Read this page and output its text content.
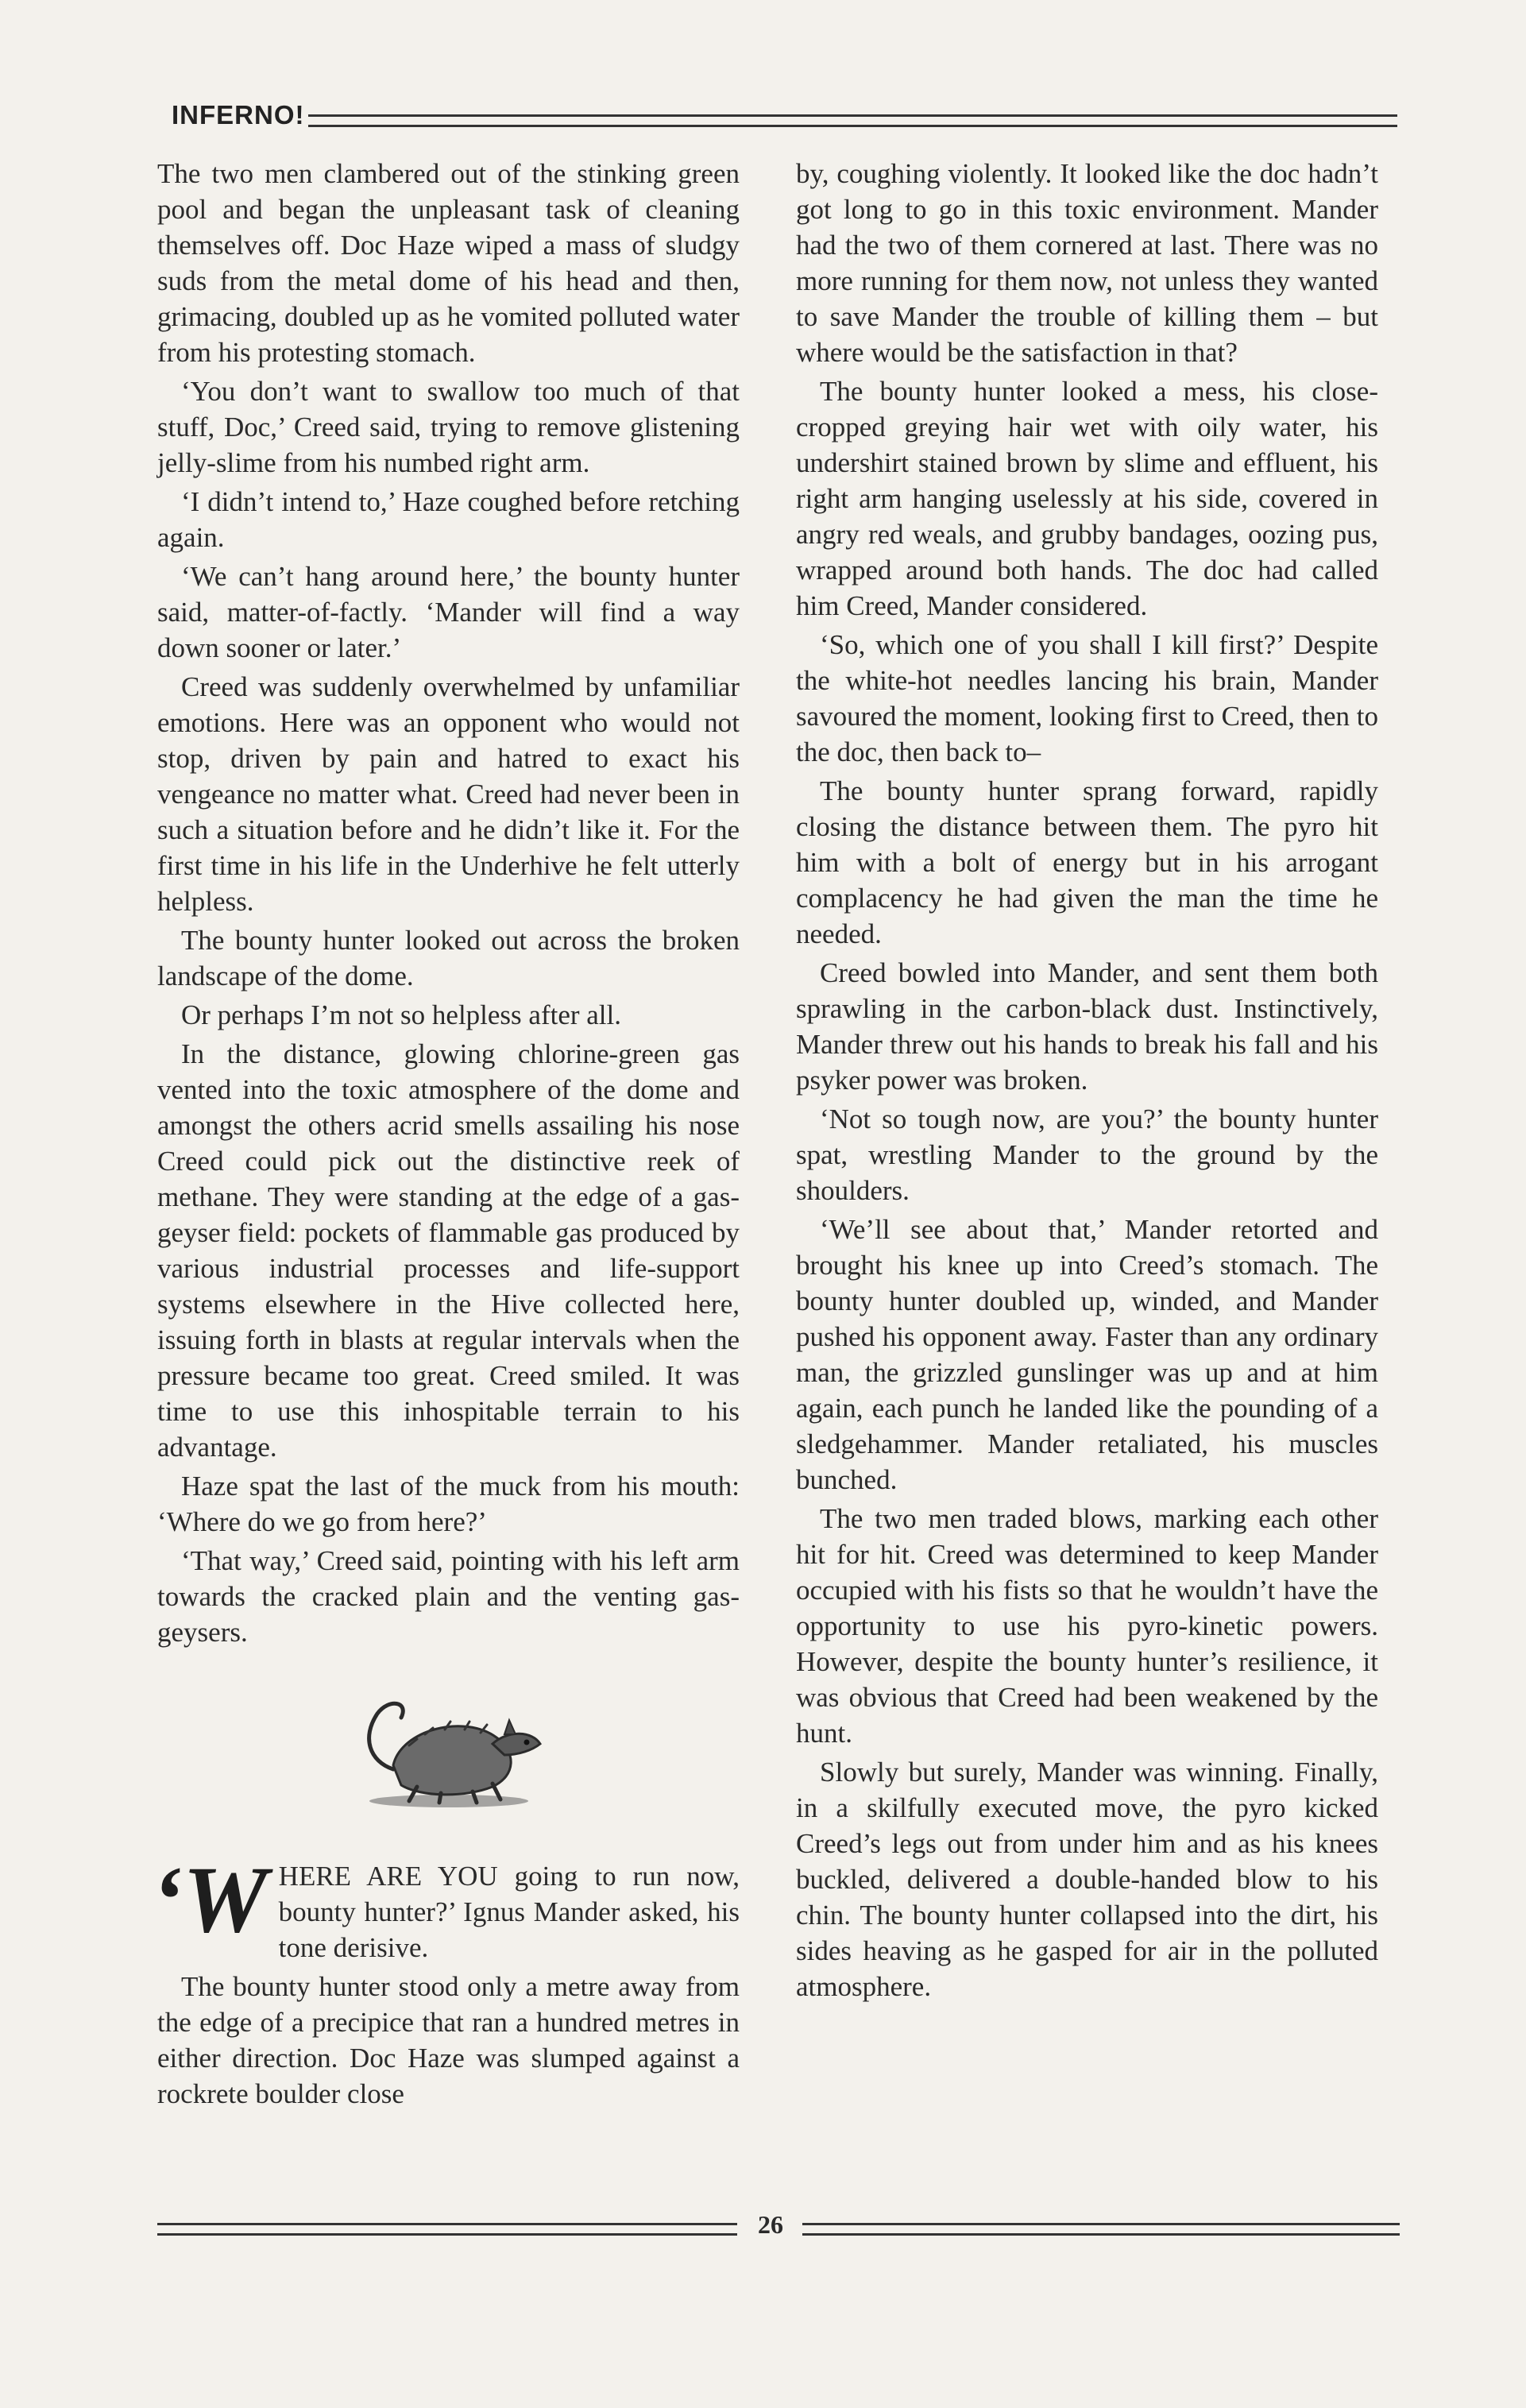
INFERNO!

The two men clambered out of the stinking green pool and began the unpleasant task of cleaning themselves off. Doc Haze wiped a mass of sludgy suds from the metal dome of his head and then, grimacing, doubled up as he vomited polluted water from his protesting stomach.

‘You don’t want to swallow too much of that stuff, Doc,’ Creed said, trying to remove glistening jelly-slime from his numbed right arm.

‘I didn’t intend to,’ Haze coughed before retching again.

‘We can’t hang around here,’ the bounty hunter said, matter-of-factly. ‘Mander will find a way down sooner or later.’

Creed was suddenly overwhelmed by unfamiliar emotions. Here was an opponent who would not stop, driven by pain and hatred to exact his vengeance no matter what. Creed had never been in such a situation before and he didn’t like it. For the first time in his life in the Underhive he felt utterly helpless.

The bounty hunter looked out across the broken landscape of the dome.

Or perhaps I’m not so helpless after all.

In the distance, glowing chlorine-green gas vented into the toxic atmosphere of the dome and amongst the others acrid smells assailing his nose Creed could pick out the distinctive reek of methane. They were standing at the edge of a gas-geyser field: pockets of flammable gas produced by various industrial processes and life-support systems elsewhere in the Hive collected here, issuing forth in blasts at regular intervals when the pressure became too great. Creed smiled. It was time to use this inhospitable terrain to his advantage.

Haze spat the last of the muck from his mouth: ‘Where do we go from here?’

‘That way,’ Creed said, pointing with his left arm towards the cracked plain and the venting gas-geysers.

‘W HERE ARE YOU going to run now, bounty hunter?’ Ignus Mander asked, his tone derisive.

The bounty hunter stood only a metre away from the edge of a precipice that ran a hundred metres in either direction. Doc Haze was slumped against a rockrete boulder close

by, coughing violently. It looked like the doc hadn’t got long to go in this toxic environment. Mander had the two of them cornered at last. There was no more running for them now, not unless they wanted to save Mander the trouble of killing them – but where would be the satisfaction in that?

The bounty hunter looked a mess, his close-cropped greying hair wet with oily water, his undershirt stained brown by slime and effluent, his right arm hanging uselessly at his side, covered in angry red weals, and grubby bandages, oozing pus, wrapped around both hands. The doc had called him Creed, Mander considered.

‘So, which one of you shall I kill first?’ Despite the white-hot needles lancing his brain, Mander savoured the moment, looking first to Creed, then to the doc, then back to–

The bounty hunter sprang forward, rapidly closing the distance between them. The pyro hit him with a bolt of energy but in his arrogant complacency he had given the man the time he needed.

Creed bowled into Mander, and sent them both sprawling in the carbon-black dust. Instinctively, Mander threw out his hands to break his fall and his psyker power was broken.

‘Not so tough now, are you?’ the bounty hunter spat, wrestling Mander to the ground by the shoulders.

‘We’ll see about that,’ Mander retorted and brought his knee up into Creed’s stomach. The bounty hunter doubled up, winded, and Mander pushed his opponent away. Faster than any ordinary man, the grizzled gunslinger was up and at him again, each punch he landed like the pounding of a sledgehammer. Mander retaliated, his muscles bunched.

The two men traded blows, marking each other hit for hit. Creed was determined to keep Mander occupied with his fists so that he wouldn’t have the opportunity to use his pyro-kinetic powers. However, despite the bounty hunter’s resilience, it was obvious that Creed had been weakened by the hunt.

Slowly but surely, Mander was winning. Finally, in a skilfully executed move, the pyro kicked Creed’s legs out from under him and as his knees buckled, delivered a double-handed blow to his chin. The bounty hunter collapsed into the dirt, his sides heaving as he gasped for air in the polluted atmosphere.

26
